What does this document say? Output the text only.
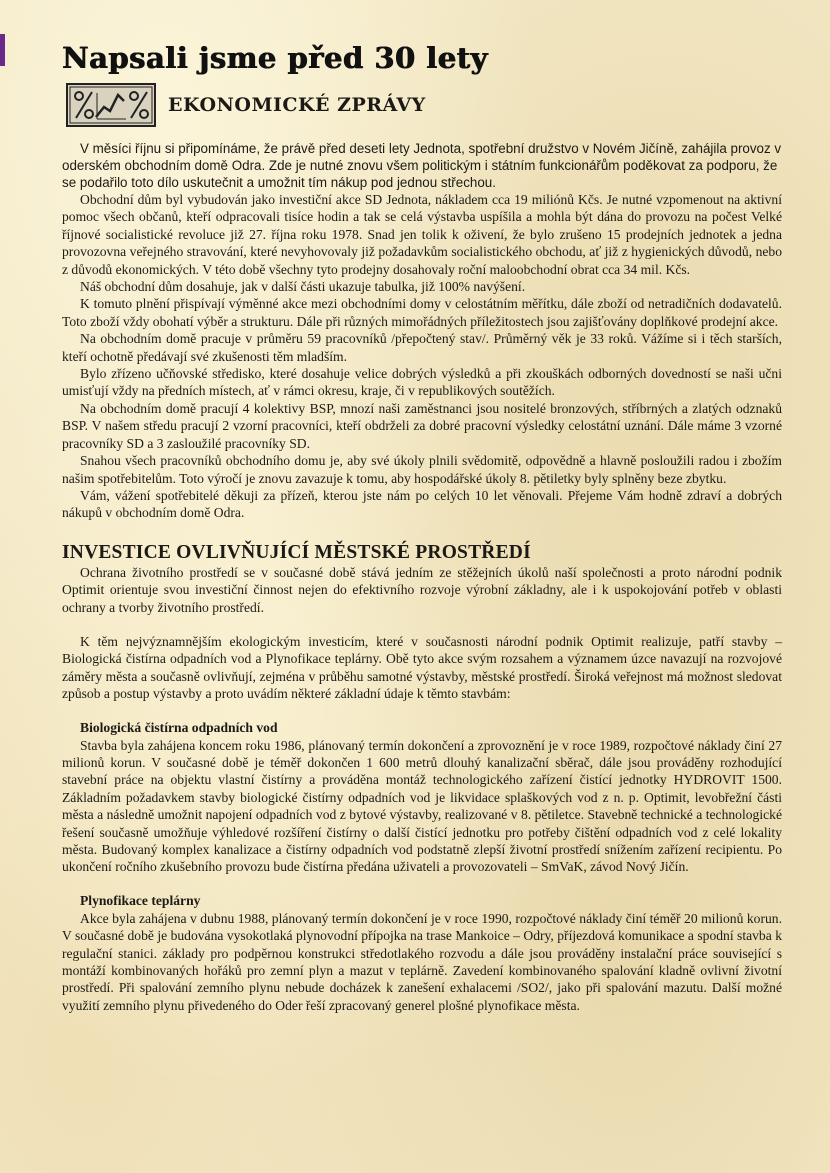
Napsali jsme před 30 lety
EKONOMICKÉ ZPRÁVY

V měsíci říjnu si připomínáme, že právě před deseti lety Jednota, spotřební družstvo v Novém Jičíně, zahájila provoz v oderském obchodním domě Odra. Zde je nutné znovu všem politickým i státním funkcionářům poděkovat za podporu, že se podařilo toto dílo uskutečnit a umožnit tím nákup pod jednou střechou.

Obchodní dům byl vybudován jako investiční akce SD Jednota, nákladem cca 19 miliónů Kčs. Je nutné vzpomenout na aktivní pomoc všech občanů, kteří odpracovali tisíce hodin a tak se celá výstavba uspíšila a mohla být dána do provozu na počest Velké říjnové socialistické revoluce již 27. října roku 1978. Snad jen tolik k oživení, že bylo zrušeno 15 prodejních jednotek a jedna provozovna veřejného stravování, které nevyhovovaly již požadavkům socialistického obchodu, ať již z hygienických důvodů, nebo z důvodů ekonomických. V této době všechny tyto prodejny dosahovaly roční maloobchodní obrat cca 34 mil. Kčs.

Náš obchodní dům dosahuje, jak v další části ukazuje tabulka, již 100% navýšení.

K tomuto plnění přispívají výměnné akce mezi obchodními domy v celostátním měřítku, dále zboží od netradičních dodavatelů. Toto zboží vždy obohatí výběr a strukturu. Dále při různých mimořádných příležitostech jsou zajišťovány doplňkové prodejní akce.

Na obchodním domě pracuje v průměru 59 pracovníků /přepočtený stav/. Průměrný věk je 33 roků. Vážíme si i těch starších, kteří ochotně předávají své zkušenosti těm mladším.

Bylo zřízeno učňovské středisko, které dosahuje velice dobrých výsledků a při zkouškách odborných dovedností se naši učni umisťují vždy na předních místech, ať v rámci okresu, kraje, či v republikových soutěžích.

Na obchodním domě pracují 4 kolektivy BSP, mnozí naši zaměstnanci jsou nositelé bronzových, stříbrných a zlatých odznaků BSP. V našem středu pracují 2 vzorní pracovníci, kteří obdrželi za dobré pracovní výsledky celostátní uznání. Dále máme 3 vzorné pracovníky SD a 3 zasloužilé pracovníky SD.

Snahou všech pracovníků obchodního domu je, aby své úkoly plnili svědomitě, odpovědně a hlavně posloužili radou i zbožím našim spotřebitelům. Toto výročí je znovu zavazuje k tomu, aby hospodářské úkoly 8. pětiletky byly splněny beze zbytku.

Vám, vážení spotřebitelé děkuji za přízeň, kterou jste nám po celých 10 let věnovali. Přejeme Vám hodně zdraví a dobrých nákupů v obchodním domě Odra.

INVESTICE OVLIVŇUJÍCÍ MĚSTSKÉ PROSTŘEDÍ

Ochrana životního prostředí se v současné době stává jedním ze stěžejních úkolů naší společnosti a proto národní podnik Optimit orientuje svou investiční činnost nejen do efektivního rozvoje výrobní základny, ale i k uspokojování potřeb v oblasti ochrany a tvorby životního prostředí.

K těm nejvýznamnějším ekologickým investicím, které v současnosti národní podnik Optimit realizuje, patří stavby – Biologická čistírna odpadních vod a Plynofikace teplárny. Obě tyto akce svým rozsahem a významem úzce navazují na rozvojové záměry města a současně ovlivňují, zejména v průběhu samotné výstavby, městské prostředí. Široká veřejnost má možnost sledovat způsob a postup výstavby a proto uvádím některé základní údaje k těmto stavbám:

Biologická čistírna odpadních vod

Stavba byla zahájena koncem roku 1986, plánovaný termín dokončení a zprovoznění je v roce 1989, rozpočtové náklady činí 27 milionů korun. V současné době je téměř dokončen 1 600 metrů dlouhý kanalizační sběrač, dále jsou prováděny rozhodující stavební práce na objektu vlastní čistírny a prováděna montáž technologického zařízení čistící jednotky HYDROVIT 1500. Základním požadavkem stavby biologické čistírny odpadních vod je likvidace splaškových vod z n. p. Optimit, levobřežní části města a následně umožnit napojení odpadních vod z bytové výstavby, realizované v 8. pětiletce. Stavebně technické a technologické řešení současně umožňuje výhledové rozšíření čistírny o další čistící jednotku pro potřeby čištění odpadních vod z celé lokality města. Budovaný komplex kanalizace a čistírny odpadních vod podstatně zlepší životní prostředí snížením zařízení recipientu. Po ukončení ročního zkušebního provozu bude čistírna předána uživateli a provozovateli – SmVaK, závod Nový Jičín.

Plynofikace teplárny

Akce byla zahájena v dubnu 1988, plánovaný termín dokončení je v roce 1990, rozpočtové náklady činí téměř 20 milionů korun. V současné době je budována vysokotlaká plynovodní přípojka na trase Mankoice – Odry, příjezdová komunikace a spodní stavba k regulační stanici. základy pro podpěrnou konstrukci středotlakého rozvodu a dále jsou prováděny instalační práce související s montáží kombinovaných hořáků pro zemní plyn a mazut v teplárně. Zavedení kombinovaného spalování kladně ovlivní životní prostředí. Při spalování zemního plynu nebude docházek k zanešení exhalacemi /SO2/, jako při spalování mazutu. Další možné využití zemního plynu přivedeného do Oder řeší zpracovaný generel plošné plynofikace města.
